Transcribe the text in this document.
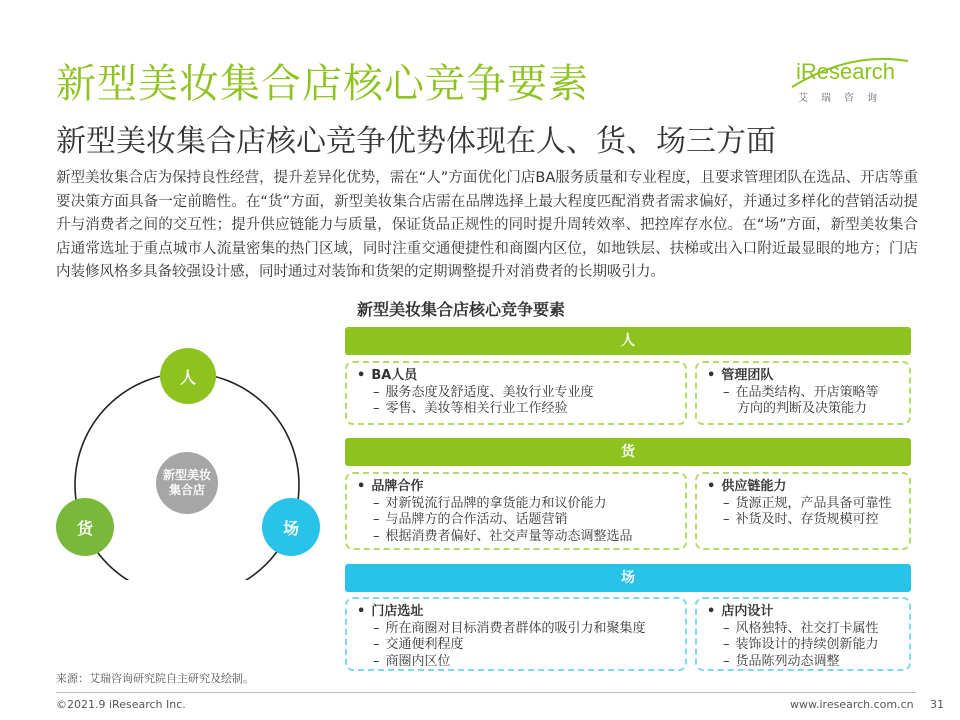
新型美妆集合店核心竞争要素	iResearch
艾瑞咨询
新型美妆集合店核心竞争优势体现在人、货、场三方面
新型美妆集合店为保持良性经营，提升差异化优势，需在“人”方面优化门店BA服务质量和专业程度，且要求管理团队在选品、开店等重要决策方面具备一定前瞻性。在“货”方面，新型美妆集合店需在品牌选择上最大程度匹配消费者需求偏好，并通过多样化的营销活动提升与消费者之间的交互性；提升供应链能力与质量，保证货品正规性的同时提升周转效率、把控库存水位。在“场”方面，新型美妆集合店通常选址于重点城市人流量密集的热门区域，同时注重交通便捷性和商圈内区位，如地铁层、扶梯或出入口附近最显眼的地方；门店内装修风格多具备较强设计感，同时通过对装饰和货架的定期调整提升对消费者的长期吸引力。
人
货	场
新型美妆集合店
新型美妆集合店核心竞争要素
人
• BA人员
– 服务态度及舒适度、美妆行业专业度
– 零售、美妆等相关行业工作经验
• 管理团队
– 在品类结构、开店策略等
方向的判断及决策能力
货
• 品牌合作
– 对新锐流行品牌的拿货能力和议价能力
– 与品牌方的合作活动、话题营销
– 根据消费者偏好、社交声量等动态调整选品
• 供应链能力
– 货源正规，产品具备可靠性
– 补货及时、存货规模可控
场
• 门店选址
– 所在商圈对目标消费者群体的吸引力和聚集度
– 交通便利程度
– 商圈内区位
• 店内设计
– 风格独特、社交打卡属性
– 装饰设计的持续创新能力
– 货品陈列动态调整
来源：艾瑞咨询研究院自主研究及绘制。
©2021.9 iResearch Inc.	www.iresearch.com.cn 31
